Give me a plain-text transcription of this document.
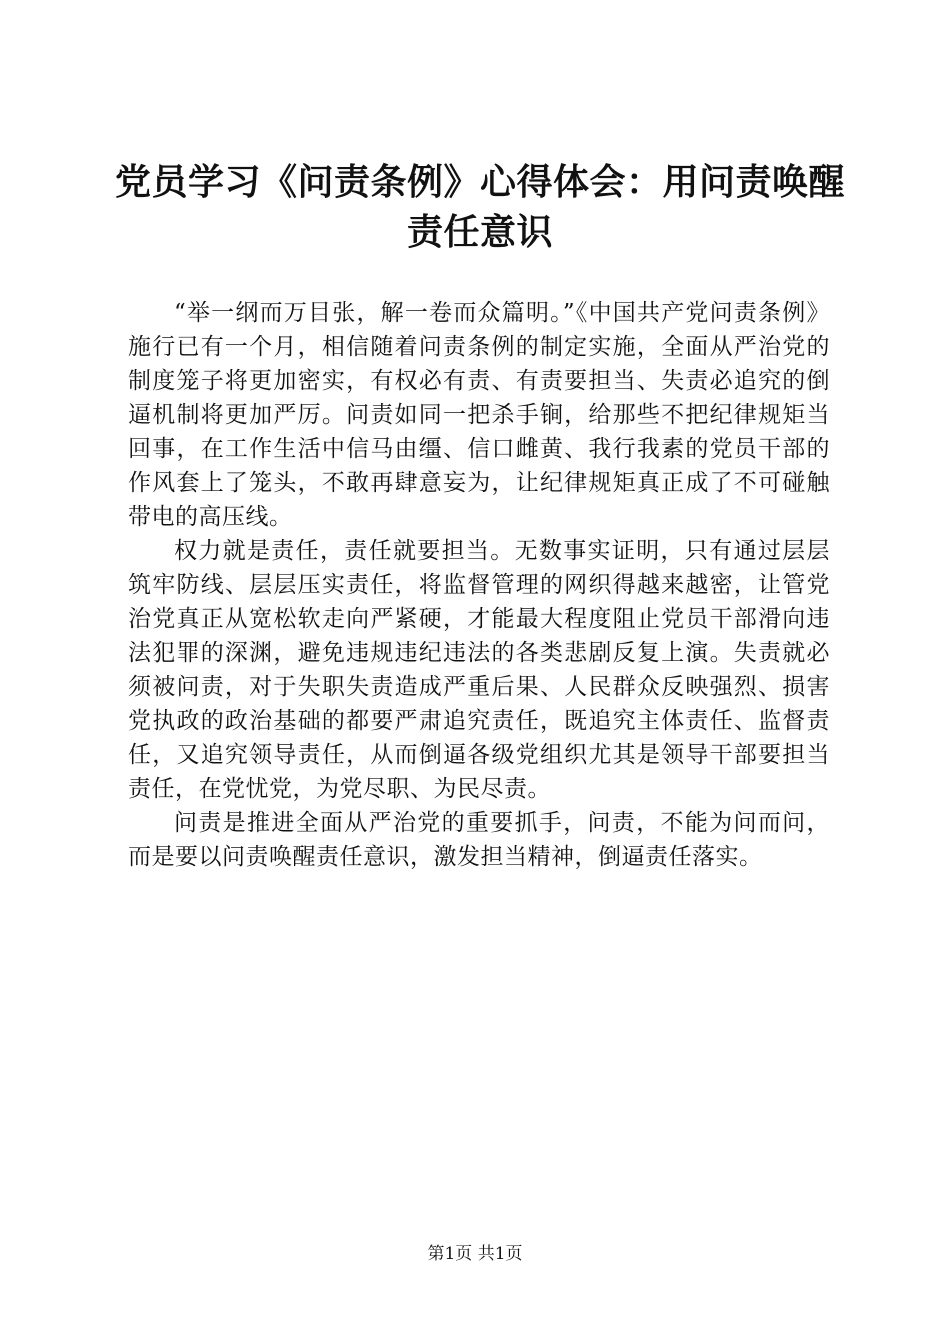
党员学习《问责条例》心得体会：用问责唤醒责任意识

“举一纲而万目张，解一卷而众篇明。”《中国共产党问责条例》施行已有一个月，相信随着问责条例的制定实施，全面从严治党的制度笼子将更加密实，有权必有责、有责要担当、失责必追究的倒逼机制将更加严厉。问责如同一把杀手锏，给那些不把纪律规矩当回事，在工作生活中信马由缰、信口雌黄、我行我素的党员干部的作风套上了笼头，不敢再肆意妄为，让纪律规矩真正成了不可碰触带电的高压线。

权力就是责任，责任就要担当。无数事实证明，只有通过层层筑牢防线、层层压实责任，将监督管理的网织得越来越密，让管党治党真正从宽松软走向严紧硬，才能最大程度阻止党员干部滑向违法犯罪的深渊，避免违规违纪违法的各类悲剧反复上演。失责就必须被问责，对于失职失责造成严重后果、人民群众反映强烈、损害党执政的政治基础的都要严肃追究责任，既追究主体责任、监督责任，又追究领导责任，从而倒逼各级党组织尤其是领导干部要担当责任，在党忧党，为党尽职、为民尽责。

问责是推进全面从严治党的重要抓手，问责，不能为问而问，而是要以问责唤醒责任意识，激发担当精神，倒逼责任落实。

第1页 共1页
